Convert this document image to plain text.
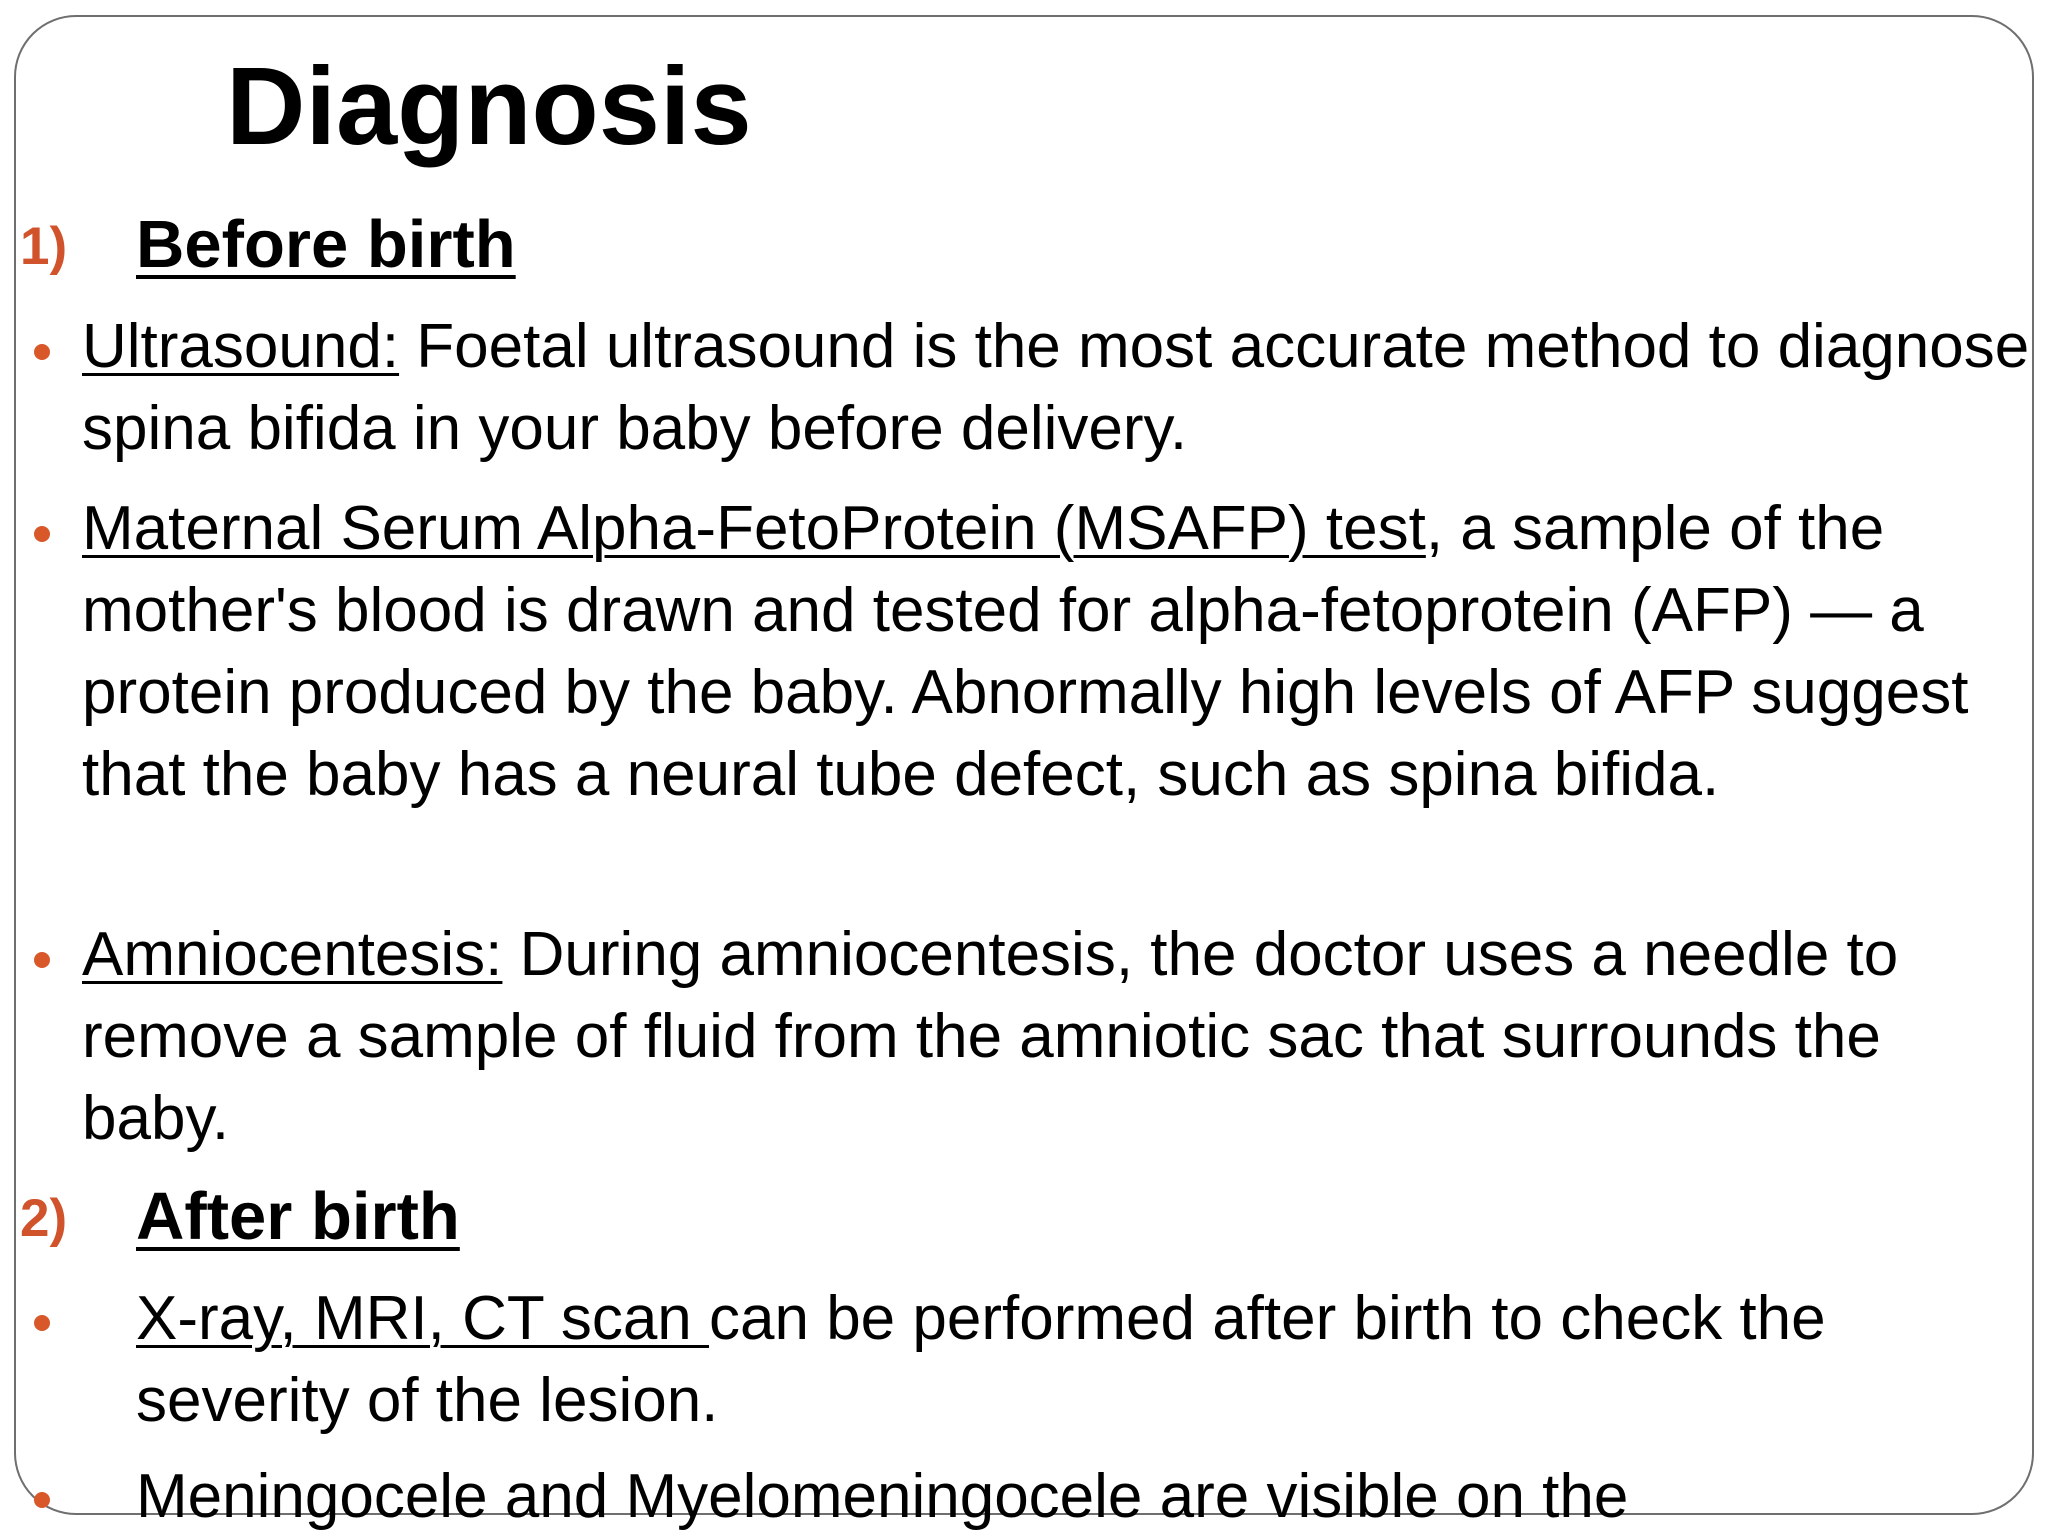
Diagnosis
1) Before birth

Ultrasound: Foetal ultrasound is the most accurate method to diagnose spina bifida in your baby before delivery.

Maternal Serum Alpha-FetoProtein (MSAFP) test, a sample of the mother's blood is drawn and tested for alpha-fetoprotein (AFP) — a protein produced by the baby. Abnormally high levels of AFP suggest that the baby has a neural tube defect, such as spina bifida.

Amniocentesis: During amniocentesis, the doctor uses a needle to remove a sample of fluid from the amniotic sac that surrounds the baby.

2) After birth

X-ray, MRI, CT scan can be performed after birth to check the severity of the lesion.

Meningocele and Myelomeningocele are visible on the
